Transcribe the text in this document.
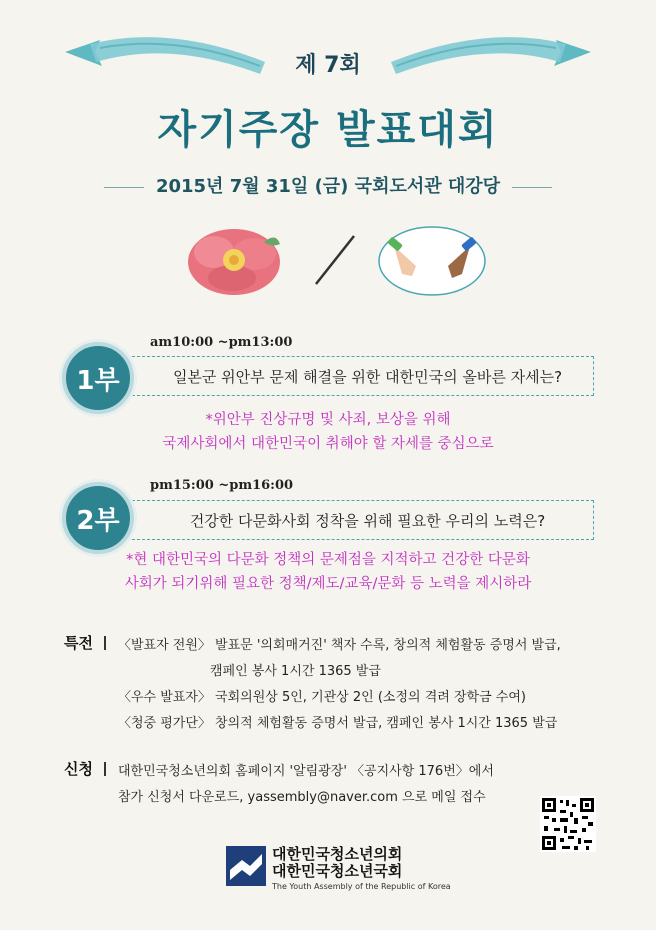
제 7회
자기주장 발표대회
2015년 7월 31일 (금) 국회도서관 대강당
am10:00 ~pm13:00
일본군 위안부 문제 해결을 위한 대한민국의 올바른 자세는?
1부
*위안부 진상규명 및 사죄, 보상을 위해
국제사회에서 대한민국이 취해야 할 자세를 중심으로
pm15:00 ~pm16:00
건강한 다문화사회 정착을 위해 필요한 우리의 노력은?
2부
*현 대한민국의 다문화 정책의 문제점을 지적하고 건강한 다문화
사회가 되기위해 필요한 정책/제도/교육/문화 등 노력을 제시하라
특전 〈발표자 전원〉 발표문 '의회매거진' 책자 수록, 창의적 체험활동 증명서 발급,
캠페인 봉사 1시간 1365 발급
〈우수 발표자〉 국회의원상 5인, 기관상 2인 (소정의 격려 장학금 수여)
〈청중 평가단〉 창의적 체험활동 증명서 발급, 캠페인 봉사 1시간 1365 발급
신청 대한민국청소년의회 홈페이지 '알림광장' 〈공지사항 176번〉에서
참가 신청서 다운로드, yassembly@naver.com 으로 메일 접수
대한민국청소년의회
대한민국청소년국회
The Youth Assembly of the Republic of Korea
